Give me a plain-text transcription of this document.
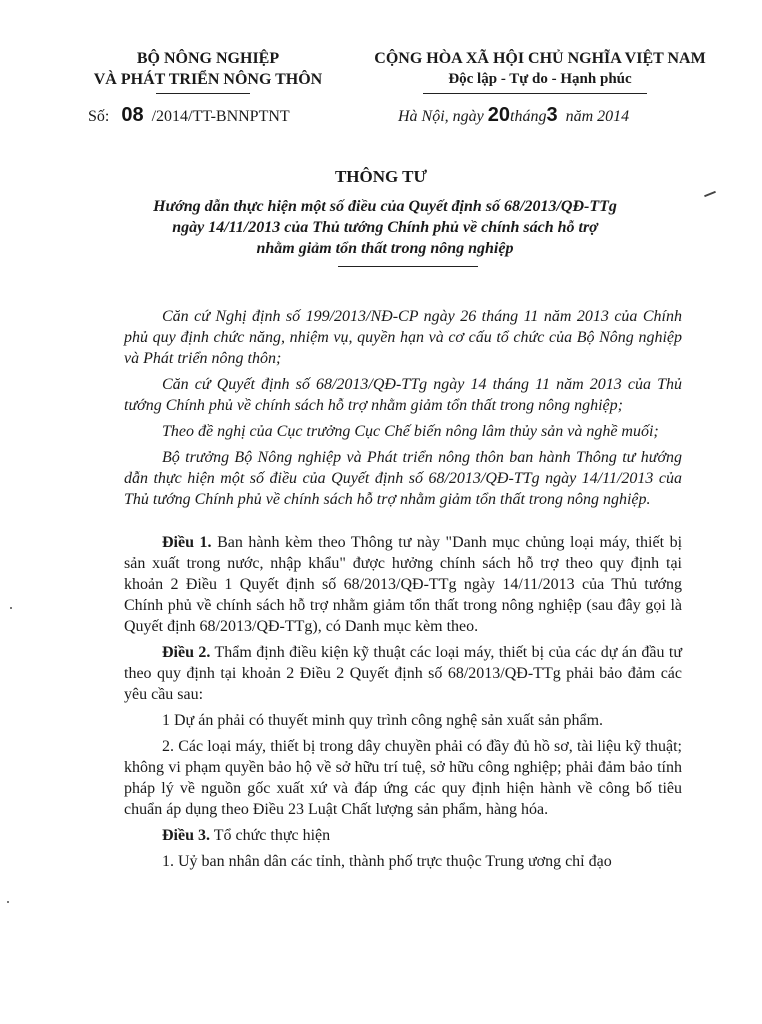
BỘ NÔNG NGHIỆP
VÀ PHÁT TRIỂN NÔNG THÔN
CỘNG HÒA XÃ HỘI CHỦ NGHĨA VIỆT NAM
Độc lập - Tự do - Hạnh phúc
Số: 08 /2014/TT-BNNPTNT	Hà Nội, ngày 20tháng3 năm 2014
THÔNG TƯ
Hướng dẫn thực hiện một số điều của Quyết định số 68/2013/QĐ-TTg
ngày 14/11/2013 của Thủ tướng Chính phủ về chính sách hỗ trợ
nhằm giảm tổn thất trong nông nghiệp

Căn cứ Nghị định số 199/2013/NĐ-CP ngày 26 tháng 11 năm 2013 của Chính phủ quy định chức năng, nhiệm vụ, quyền hạn và cơ cấu tổ chức của Bộ Nông nghiệp và Phát triển nông thôn;

Căn cứ Quyết định số 68/2013/QĐ-TTg ngày 14 tháng 11 năm 2013 của Thủ tướng Chính phủ về chính sách hỗ trợ nhằm giảm tổn thất trong nông nghiệp;

Theo đề nghị của Cục trưởng Cục Chế biến nông lâm thủy sản và nghề muối;

Bộ trưởng Bộ Nông nghiệp và Phát triển nông thôn ban hành Thông tư hướng dẫn thực hiện một số điều của Quyết định số 68/2013/QĐ-TTg ngày 14/11/2013 của Thủ tướng Chính phủ về chính sách hỗ trợ nhằm giảm tổn thất trong nông nghiệp.

Điều 1. Ban hành kèm theo Thông tư này "Danh mục chủng loại máy, thiết bị sản xuất trong nước, nhập khẩu" được hưởng chính sách hỗ trợ theo quy định tại khoản 2 Điều 1 Quyết định số 68/2013/QĐ-TTg ngày 14/11/2013 của Thủ tướng Chính phủ về chính sách hỗ trợ nhằm giảm tổn thất trong nông nghiệp (sau đây gọi là Quyết định 68/2013/QĐ-TTg), có Danh mục kèm theo.

Điều 2. Thẩm định điều kiện kỹ thuật các loại máy, thiết bị của các dự án đầu tư theo quy định tại khoản 2 Điều 2 Quyết định số 68/2013/QĐ-TTg phải bảo đảm các yêu cầu sau:

1 Dự án phải có thuyết minh quy trình công nghệ sản xuất sản phẩm.

2. Các loại máy, thiết bị trong dây chuyền phải có đầy đủ hồ sơ, tài liệu kỹ thuật; không vi phạm quyền bảo hộ về sở hữu trí tuệ, sở hữu công nghiệp; phải đảm bảo tính pháp lý về nguồn gốc xuất xứ và đáp ứng các quy định hiện hành về công bố tiêu chuẩn áp dụng theo Điều 23 Luật Chất lượng sản phẩm, hàng hóa.

Điều 3. Tổ chức thực hiện

1. Uỷ ban nhân dân các tỉnh, thành phố trực thuộc Trung ương chỉ đạo
